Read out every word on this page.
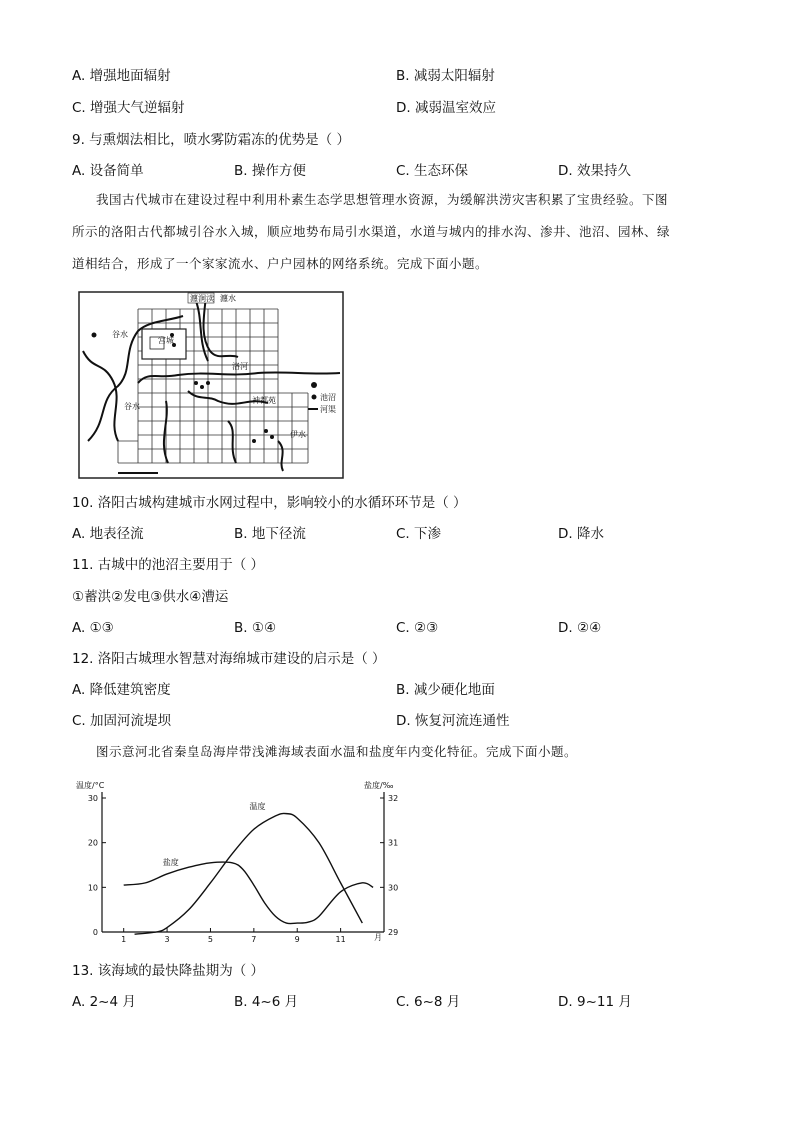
A. 增强地面辐射	B. 减弱太阳辐射
C. 增强大气逆辐射	D. 减弱温室效应
9. 与熏烟法相比，喷水雾防霜冻的优势是（ ）
A. 设备简单	B. 操作方便	C. 生态环保	D. 效果持久
我国古代城市在建设过程中利用朴素生态学思想管理水资源，为缓解洪涝灾害积累了宝贵经验。下图
所示的洛阳古代都城引谷水入城，顺应地势布局引水渠道，水道与城内的排水沟、渗井、池沼、园林、绿
道相结合，形成了一个家家流水、户户园林的网络系统。完成下面小题。
瀍涧渎 瀍水
谷水
谷水
宫城
洛河
神都苑
伊水
池沼
河渠
10. 洛阳古城构建城市水网过程中，影响较小的水循环环节是（ ）
A. 地表径流	B. 地下径流	C. 下渗	D. 降水
11. 古城中的池沼主要用于（ ）
①蓄洪②发电③供水④漕运
A. ①③	B. ①④	C. ②③	D. ②④
12. 洛阳古城理水智慧对海绵城市建设的启示是（ ）
A. 降低建筑密度	B. 减少硬化地面
C. 加固河流堤坝	D. 恢复河流连通性
图示意河北省秦皇岛海岸带浅滩海域表面水温和盐度年内变化特征。完成下面小题。
温度/°C	盐度/‰
月
0
10
20
30
29
30
31
32
1	3	5	7	9	11
温度
盐度
13. 该海域的最快降盐期为（ ）
A. 2~4 月	B. 4~6 月	C. 6~8 月	D. 9~11 月
